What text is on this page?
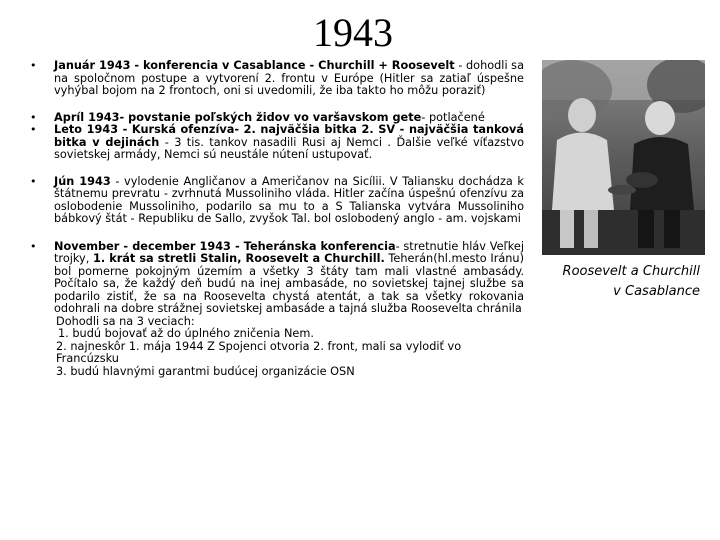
1943
• Január 1943 - konferencia v Casablance - Churchill + Roosevelt - dohodli sa na spoločnom postupe a vytvorení 2. frontu v Európe (Hitler sa zatiaľ úspešne vyhýbal bojom na 2 frontoch, oni si uvedomili, že iba takto ho môžu poraziť)

• Apríl 1943- povstanie poľských židov vo varšavskom gete- potlačené

• Leto 1943 - Kurská ofenzíva- 2. najväčšia bitka 2. SV - najväčšia tanková bitka v dejinách - 3 tis. tankov nasadili Rusi aj Nemci . Ďalšie veľké víťazstvo sovietskej armády, Nemci sú neustále nútení ustupovať.

• Jún 1943 - vylodenie Angličanov a Američanov na Sicílii. V Taliansku dochádza k štátnemu prevratu - zvrhnutá Mussoliniho vláda. Hitler začína úspešnú ofenzívu za oslobodenie Mussoliniho, podarilo sa mu to a S Talianska vytvára Mussoliniho bábkový štát - Republiku de Sallo, zvyšok Tal. bol oslobodený anglo - am. vojskami

• November - december 1943 - Teheránska konferencia- stretnutie hláv Veľkej trojky, 1. krát sa stretli Stalin, Roosevelt a Churchill. Teherán(hl.mesto Iránu) bol pomerne pokojným územím a všetky 3 štáty tam mali vlastné ambasády. Počítalo sa, že každý deň budú na inej ambasáde, no sovietskej tajnej službe sa podarilo zistiť, že sa na Roosevelta chystá atentát, a tak sa všetky rokovania odohrali na dobre strážnej sovietskej ambasáde a tajná služba Roosevelta chránila

Dohodli sa na 3 veciach:

1. budú bojovať až do úplného zničenia Nem.

2. najneskôr 1. mája 1944 Z Spojenci otvoria 2. front, mali sa vylodiť vo Francúzsku

3. budú hlavnými garantmi budúcej organizácie OSN

Roosevelt a Churchill
v Casablance
